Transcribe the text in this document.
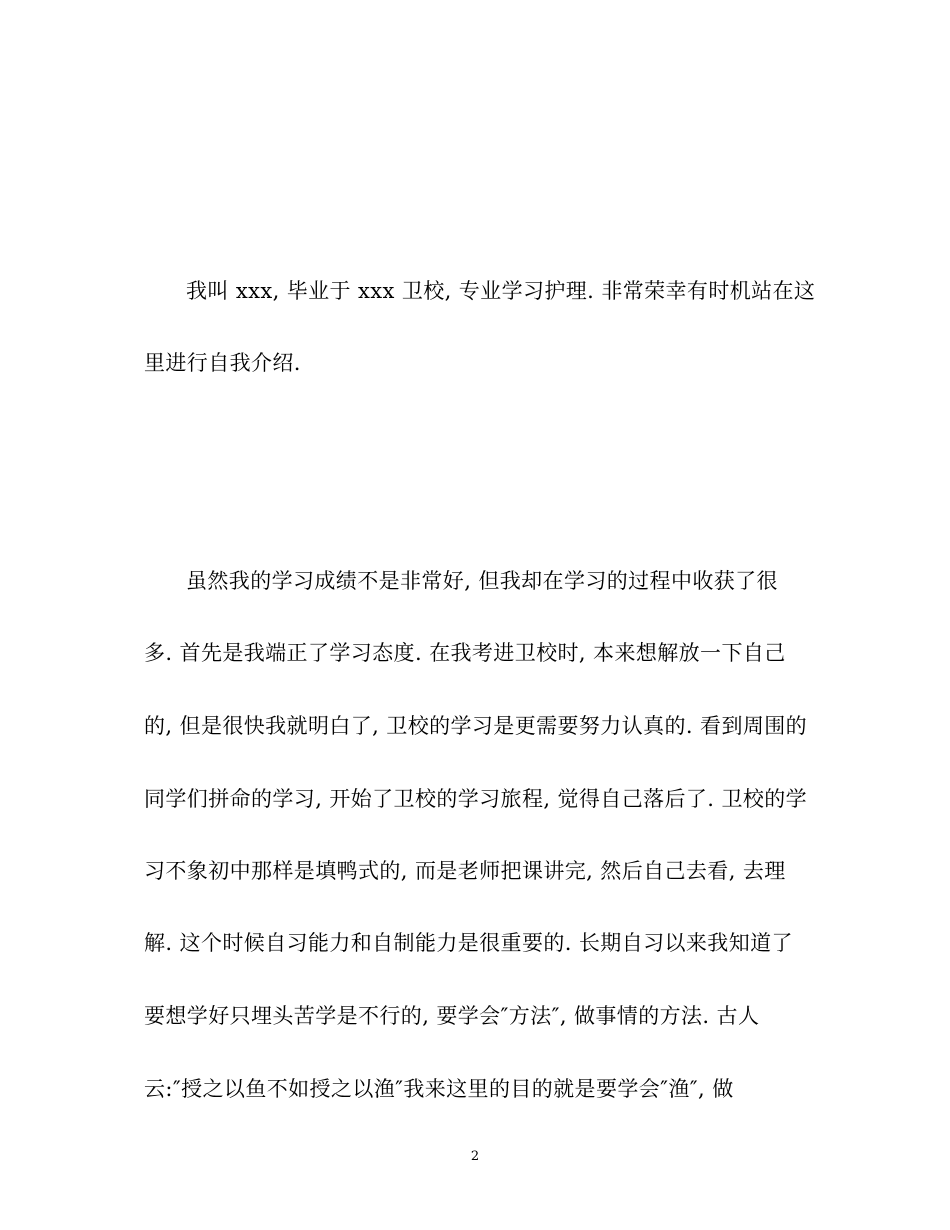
我叫 xxx, 毕业于 xxx 卫校, 专业学习护理. 非常荣幸有时机站在这
里进行自我介绍.
虽然我的学习成绩不是非常好, 但我却在学习的过程中收获了很
多. 首先是我端正了学习态度. 在我考进卫校时, 本来想解放一下自己
的, 但是很快我就明白了, 卫校的学习是更需要努力认真的. 看到周围的
同学们拼命的学习, 开始了卫校的学习旅程, 觉得自己落后了. 卫校的学
习不象初中那样是填鸭式的, 而是老师把课讲完, 然后自己去看, 去理
解. 这个时候自习能力和自制能力是很重要的. 长期自习以来我知道了
要想学好只埋头苦学是不行的, 要学会″方法″, 做事情的方法. 古人
云:″授之以鱼不如授之以渔″我来这里的目的就是要学会″渔″, 做
2
